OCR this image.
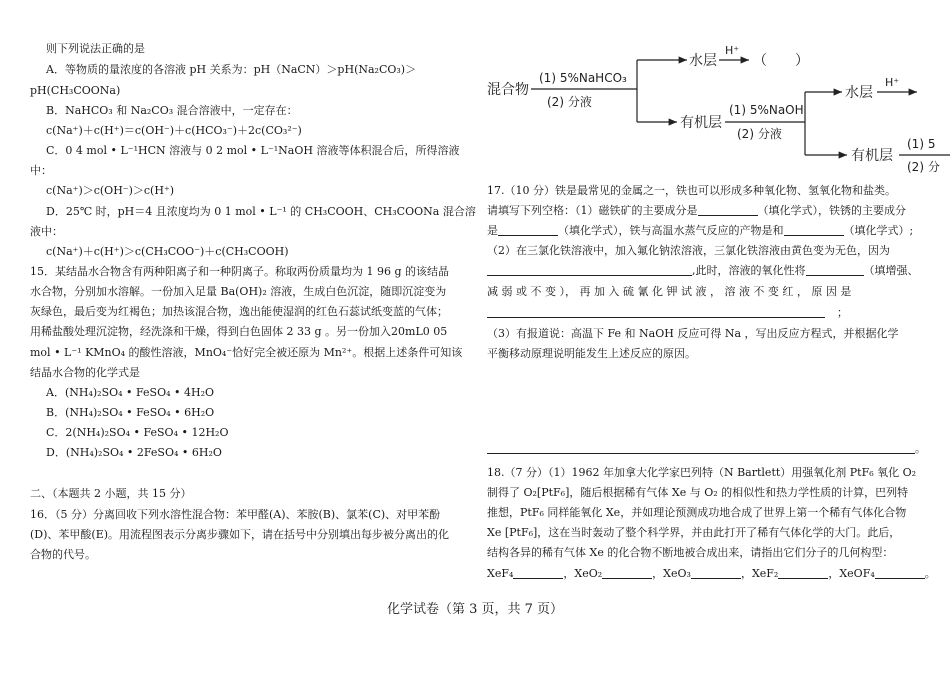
则下列说法正确的是
A．等物质的量浓度的各溶液 pH 关系为：pH（NaCN）＞pH(Na₂CO₃)＞
pH(CH₃COONa)
B．NaHCO₃ 和 Na₂CO₃ 混合溶液中，一定存在：
c(Na⁺)＋c(H⁺)＝c(OH⁻)＋c(HCO₃⁻)＋2c(CO₃²⁻)
C．0 4 mol • L⁻¹HCN 溶液与 0 2 mol • L⁻¹NaOH 溶液等体积混合后，所得溶液
中：
c(Na⁺)＞c(OH⁻)＞c(H⁺)
D．25℃ 时，pH＝4 且浓度均为 0 1 mol • L⁻¹ 的 CH₃COOH、CH₃COONa 混合溶
液中：
c(Na⁺)＋c(H⁺)＞c(CH₃COO⁻)＋c(CH₃COOH)
15．某结晶水合物含有两种阳离子和一种阴离子。称取两份质量均为 1 96 g 的该结晶
水合物，分别加水溶解。一份加入足量 Ba(OH)₂ 溶液，生成白色沉淀，随即沉淀变为
灰绿色，最后变为红褐色；加热该混合物，逸出能使湿润的红色石蕊试纸变蓝的气体；
用稀盐酸处理沉淀物，经洗涤和干燥，得到白色固体 2 33 g 。另一份加入20mL0 05
mol • L⁻¹ KMnO₄ 的酸性溶液，MnO₄⁻恰好完全被还原为 Mn²⁺。根据上述条件可知该
结晶水合物的化学式是
A．(NH₄)₂SO₄ • FeSO₄ • 4H₂O
B．(NH₄)₂SO₄ • FeSO₄ • 6H₂O
C．2(NH₄)₂SO₄ • FeSO₄ • 12H₂O
D．(NH₄)₂SO₄ • 2FeSO₄ • 6H₂O
二、（本题共 2 小题，共 15 分）
16．（5 分）分离回收下列水溶性混合物：苯甲醛(A)、苯胺(B)、氯苯(C)、对甲苯酚
(D)、苯甲酸(E)。用流程图表示分离步骤如下，请在括号中分别填出每步被分离出的化
合物的代号。
混合物
(1) 5%NaHCO₃
(2) 分液
水层
H⁺
（　　）
有机层
(1) 5%NaOH
(2) 分液
水层
H⁺
有机层
(1) 5
(2) 分
17.（10 分）铁是最常见的金属之一，铁也可以形成多种氧化物、氢氧化物和盐类。
请填写下列空格：（1）磁铁矿的主要成分是	（填化学式），铁锈的主要成分
是	（填化学式），铁与高温水蒸气反应的产物是和	（填化学式）;
（2）在三氯化铁溶液中，加入氟化钠浓溶液，三氯化铁溶液由黄色变为无色，因为
,此时，溶液的氧化性将	（填增强、
减 弱 或 不 变 ）， 再 加 入 硫 氰 化 钾 试 液 ， 溶 液 不 变 红 ， 原 因 是
；
（3）有报道说：高温下 Fe 和 NaOH 反应可得 Na ，写出反应方程式，并根据化学
平衡移动原理说明能发生上述反应的原因。
。
18.（7 分）（1）1962 年加拿大化学家巴列特（N Bartlett）用强氧化剂 PtF₆ 氧化 O₂
制得了 O₂[PtF₆]，随后根据稀有气体 Xe 与 O₂ 的相似性和热力学性质的计算，巴列特
推想，PtF₆ 同样能氧化 Xe，并如理论预测成功地合成了世界上第一个稀有气体化合物
Xe [PtF₆]，这在当时轰动了整个科学界，并由此打开了稀有气体化学的大门。此后，
结构各异的稀有气体 Xe 的化合物不断地被合成出来，请指出它们分子的几何构型：
XeF₄	，XeO₂	，XeO₃	，XeF₂	，XeOF₄	。
化学试卷（第 3 页，共 7 页）
